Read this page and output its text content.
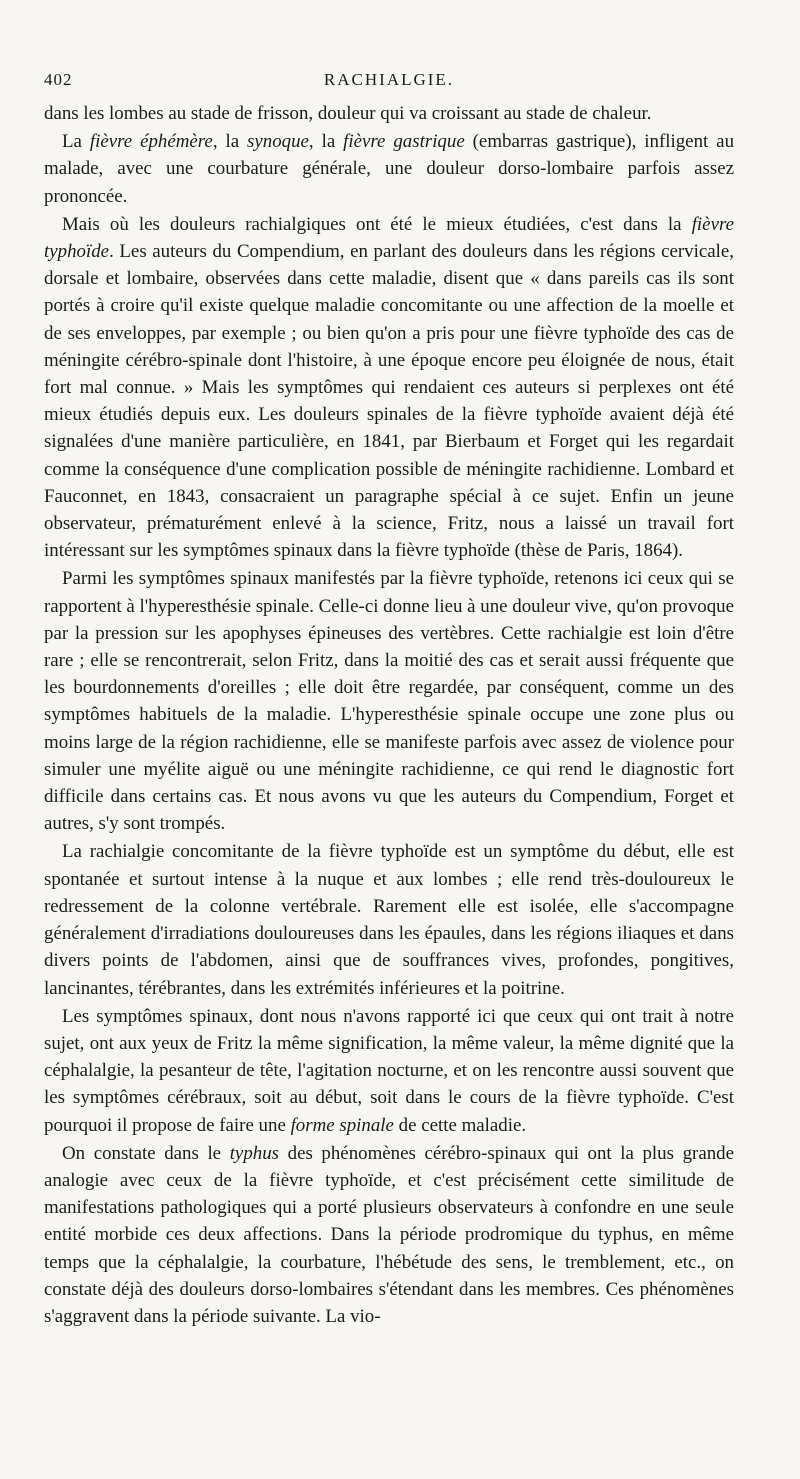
402	RACHIALGIE.

dans les lombes au stade de frisson, douleur qui va croissant au stade de chaleur.

La fièvre éphémère, la synoque, la fièvre gastrique (embarras gastrique), infligent au malade, avec une courbature générale, une douleur dorso-lombaire parfois assez prononcée.

Mais où les douleurs rachialgiques ont été le mieux étudiées, c'est dans la fièvre typhoïde. Les auteurs du Compendium, en parlant des douleurs dans les régions cervicale, dorsale et lombaire, observées dans cette maladie, disent que « dans pareils cas ils sont portés à croire qu'il existe quelque maladie concomitante ou une affection de la moelle et de ses enveloppes, par exemple ; ou bien qu'on a pris pour une fièvre typhoïde des cas de méningite cérébro-spinale dont l'histoire, à une époque encore peu éloignée de nous, était fort mal connue. » Mais les symptômes qui rendaient ces auteurs si perplexes ont été mieux étudiés depuis eux. Les douleurs spinales de la fièvre typhoïde avaient déjà été signalées d'une manière particulière, en 1841, par Bierbaum et Forget qui les regardait comme la conséquence d'une complication possible de méningite rachidienne. Lombard et Fauconnet, en 1843, consacraient un paragraphe spécial à ce sujet. Enfin un jeune observateur, prématurément enlevé à la science, Fritz, nous a laissé un travail fort intéressant sur les symptômes spinaux dans la fièvre typhoïde (thèse de Paris, 1864).

Parmi les symptômes spinaux manifestés par la fièvre typhoïde, retenons ici ceux qui se rapportent à l'hyperesthésie spinale. Celle-ci donne lieu à une douleur vive, qu'on provoque par la pression sur les apophyses épineuses des vertèbres. Cette rachialgie est loin d'être rare ; elle se rencontrerait, selon Fritz, dans la moitié des cas et serait aussi fréquente que les bourdonnements d'oreilles ; elle doit être regardée, par conséquent, comme un des symptômes habituels de la maladie. L'hyperesthésie spinale occupe une zone plus ou moins large de la région rachidienne, elle se manifeste parfois avec assez de violence pour simuler une myélite aiguë ou une méningite rachidienne, ce qui rend le diagnostic fort difficile dans certains cas. Et nous avons vu que les auteurs du Compendium, Forget et autres, s'y sont trompés.

La rachialgie concomitante de la fièvre typhoïde est un symptôme du début, elle est spontanée et surtout intense à la nuque et aux lombes ; elle rend très-douloureux le redressement de la colonne vertébrale. Rarement elle est isolée, elle s'accompagne généralement d'irradiations douloureuses dans les épaules, dans les régions iliaques et dans divers points de l'abdomen, ainsi que de souffrances vives, profondes, pongitives, lancinantes, térébrantes, dans les extrémités inférieures et la poitrine.

Les symptômes spinaux, dont nous n'avons rapporté ici que ceux qui ont trait à notre sujet, ont aux yeux de Fritz la même signification, la même valeur, la même dignité que la céphalalgie, la pesanteur de tête, l'agitation nocturne, et on les rencontre aussi souvent que les symptômes cérébraux, soit au début, soit dans le cours de la fièvre typhoïde. C'est pourquoi il propose de faire une forme spinale de cette maladie.

On constate dans le typhus des phénomènes cérébro-spinaux qui ont la plus grande analogie avec ceux de la fièvre typhoïde, et c'est précisément cette similitude de manifestations pathologiques qui a porté plusieurs observateurs à confondre en une seule entité morbide ces deux affections. Dans la période prodromique du typhus, en même temps que la céphalalgie, la courbature, l'hébétude des sens, le tremblement, etc., on constate déjà des douleurs dorso-lombaires s'étendant dans les membres. Ces phénomènes s'aggravent dans la période suivante. La vio-
